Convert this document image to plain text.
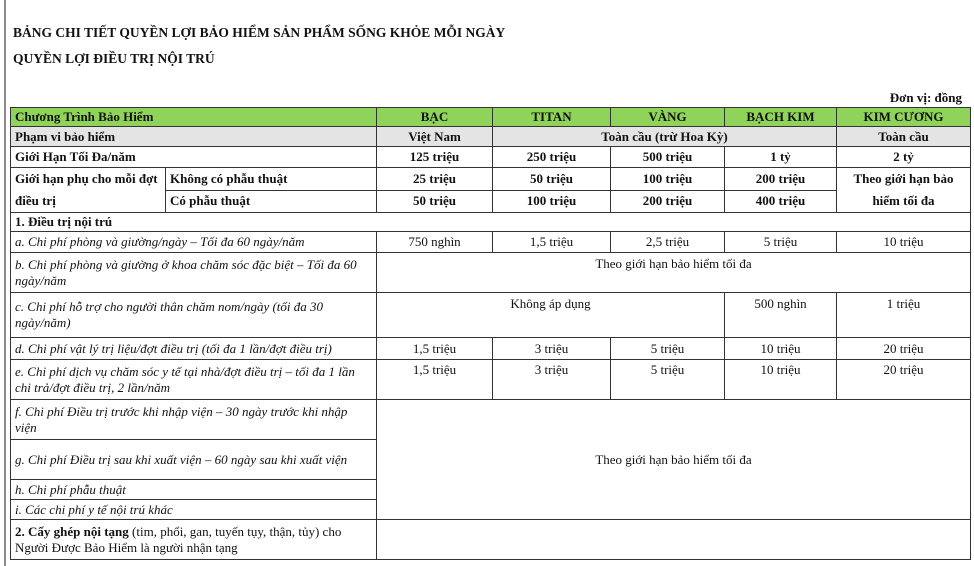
BẢNG CHI TIẾT QUYỀN LỢI BẢO HIỂM SẢN PHẨM SỐNG KHỎE MỖI NGÀY
QUYỀN LỢI ĐIỀU TRỊ NỘI TRÚ
Đơn vị: đồng
Chương Trình Bảo Hiểm		BẠC	TITAN	VÀNG	BẠCH KIM	KIM CƯƠNG
Phạm vi bảo hiểm		Việt Nam	Toàn cầu (trừ Hoa Kỳ)			Toàn cầu
Giới Hạn Tối Đa/năm		125 triệu	250 triệu	500 triệu	1 tỷ	2 tỷ
Giới hạn phụ cho mỗi đợt điều trị	Không có phẫu thuật	25 triệu	50 triệu	100 triệu	200 triệu	Theo giới hạn bảo hiểm tối đa
	Có phẫu thuật	50 triệu	100 triệu	200 triệu	400 triệu	
1. Điều trị nội trú						
a. Chi phí phòng và giường/ngày – Tối đa 60 ngày/năm		750 nghìn	1,5 triệu	2,5 triệu	5 triệu	10 triệu
b. Chi phí phòng và giường ở khoa chăm sóc đặc biệt – Tối đa 60 ngày/năm		Theo giới hạn bảo hiểm tối đa				
c. Chi phí hỗ trợ cho người thân chăm nom/ngày (tối đa 30 ngày/năm)		Không áp dụng			500 nghìn	1 triệu
d. Chi phí vật lý trị liệu/đợt điều trị (tối đa 1 lần/đợt điều trị)		1,5 triệu	3 triệu	5 triệu	10 triệu	20 triệu
e. Chi phí dịch vụ chăm sóc y tế tại nhà/đợt điều trị – tối đa 1 lần chi trả/đợt điều trị, 2 lần/năm		1,5 triệu	3 triệu	5 triệu	10 triệu	20 triệu
f. Chi phí Điều trị trước khi nhập viện – 30 ngày trước khi nhập viện		Theo giới hạn bảo hiểm tối đa				
g. Chi phí Điều trị sau khi xuất viện – 60 ngày sau khi xuất viện						
h. Chi phí phẫu thuật						
i. Các chi phí y tế nội trú khác						
2. Cấy ghép nội tạng (tim, phổi, gan, tuyến tụy, thận, tủy) cho Người Được Bảo Hiểm là người nhận tạng						
